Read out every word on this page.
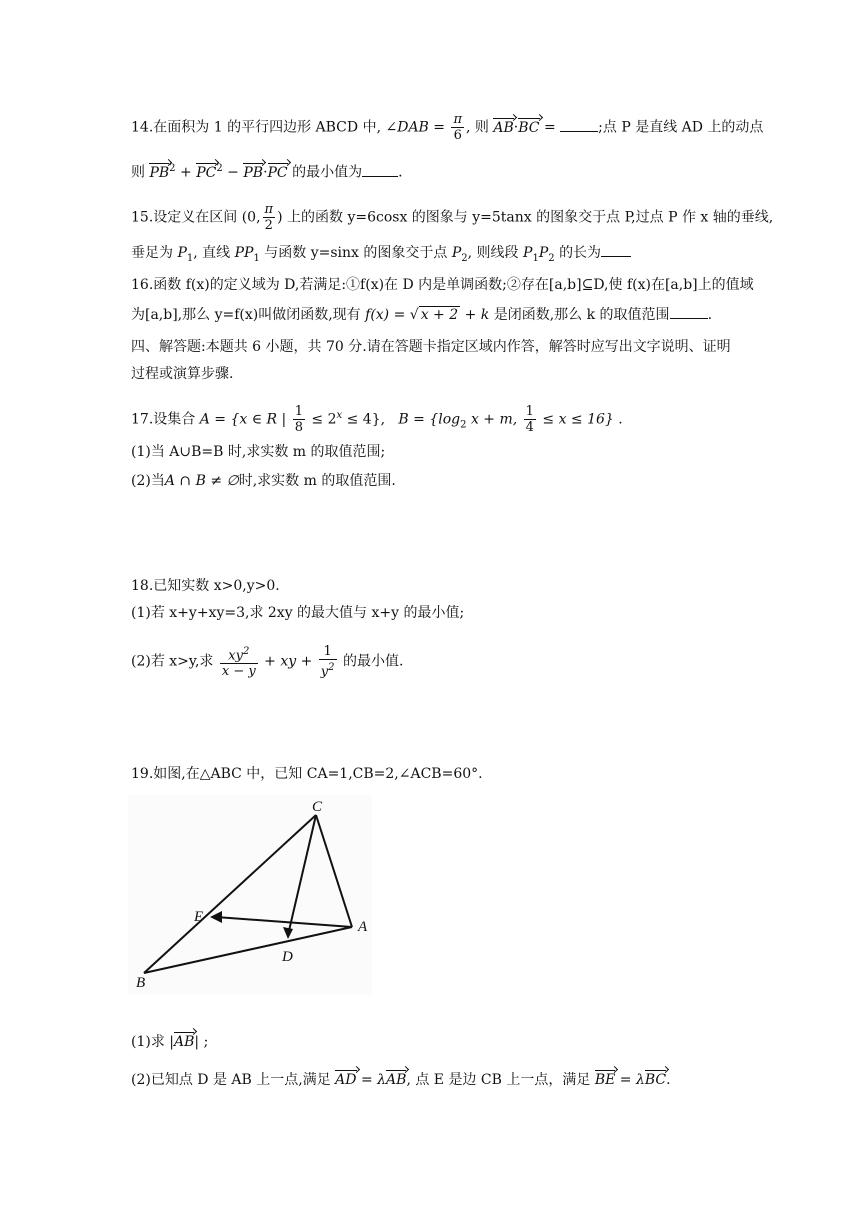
14.在面积为 1 的平行四边形 ABCD 中, ∠DAB = $\frac{\pi}{6}$ , 则 AB·BC =	;点 P 是直线 AD 上的动点
则 $PB^2 + PC^2 - PB\cdot PC$ 的最小值为	.
15.设定义在区间 (0, $\frac{\pi}{2}$ ) 上的函数 y=6cosx 的图象与 y=5tanx 的图象交于点 P,过点 P 作 x 轴的垂线,
垂足为 $P_1$, 直线 $PP_1$ 与函数 y=sinx 的图象交于点 $P_2$, 则线段 $P_1P_2$ 的长为
16.函数 f(x)的定义域为 D,若满足:①f(x)在 D 内是单调函数;②存在[a,b]⊆D,使 f(x)在[a,b]上的值域
为[a,b],那么 y=f(x)叫做闭函数,现有 f(x) = √ x + 2 + k 是闭函数,那么 k 的取值范围	.
四、解答题:本题共 6 小题，共 70 分.请在答题卡指定区域内作答，解答时应写出文字说明、证明
过程或演算步骤.
17.设集合 A = {x ∈ R | $\frac{1}{8} \le 2^x \le 4$}, $B = \{\log_2$ x + m, $\frac{1}{4} \le x \le 16$} .
(1)当 A∪B=B 时,求实数 m 的取值范围;
(2)当A ∩ B ≠ ∅时,求实数 m 的取值范围.
18.已知实数 x>0,y>0.
(1)若 x+y+xy=3,求 2xy 的最大值与 x+y 的最小值;
(2)若 x>y,求 $\frac{xy^2}{x - y}$ + xy + $\frac{1}{y^2}$ 的最小值.
19.如图,在△ABC 中，已知 CA=1,CB=2,∠ACB=60°.
C
A
E
D
B
(1)求 |AB| ;
(2)已知点 D 是 AB 上一点,满足 AD = λAB, 点 E 是边 CB 上一点，满足 BE = λBC.
